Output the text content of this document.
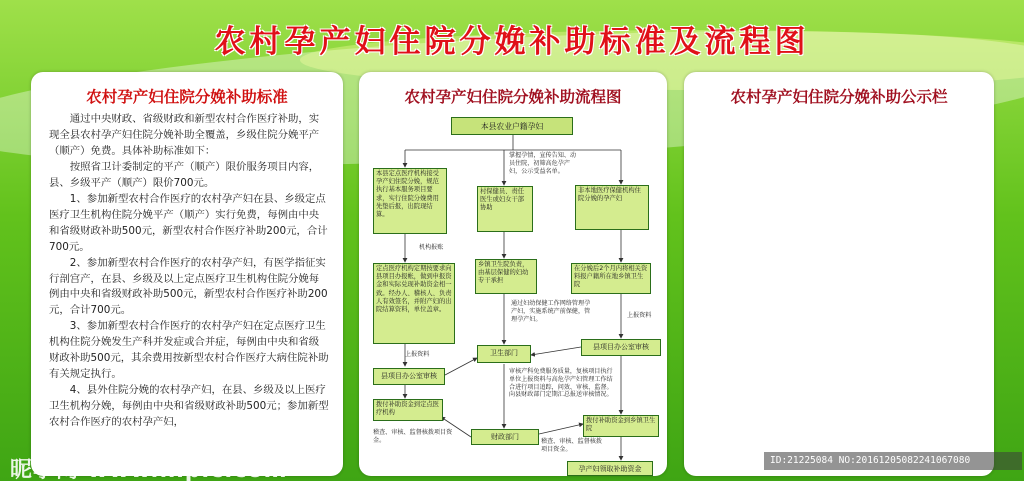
农村孕产妇住院分娩补助标准及流程图
农村孕产妇住院分娩补助标准

通过中央财政、省级财政和新型农村合作医疗补助，实现全县农村孕产妇住院分娩补助全覆盖，乡级住院分娩平产（顺产）免费。具体补助标准如下：

按照省卫计委制定的平产（顺产）限价服务项目内容，县、乡级平产（顺产）限价700元。

1、参加新型农村合作医疗的农村孕产妇在县、乡级定点医疗卫生机构住院分娩平产（顺产）实行免费，每例由中央和省级财政补助500元，新型农村合作医疗补助200元，合计700元。

2、参加新型农村合作医疗的农村孕产妇，有医学指征实行剖宫产，在县、乡级及以上定点医疗卫生机构住院分娩每例由中央和省级财政补助500元，新型农村合作医疗补助200元，合计700元。

3、参加新型农村合作医疗的农村孕产妇在定点医疗卫生机构住院分娩发生产科并发症或合并症，每例由中央和省级财政补助500元，其余费用按新型农村合作医疗大病住院补助有关规定执行。

4、县外住院分娩的农村孕产妇，在县、乡级及以上医疗卫生机构分娩，每例由中央和省级财政补助500元；参加新型农村合作医疗的农村孕产妇，

农村孕产妇住院分娩补助流程图
本县农业户籍孕妇
掌握孕情，宣传告知、动员住院，初筛高危孕产妇，公示受益名单。
本县定点医疗机构接受孕产妇住院分娩，规范执行基本服务项目要求，实行住院分娩费用先垫后报，出院现结算。
村保健员、责任医生或妇女干部协助
非本地医疗保健机构住院分娩的孕产妇
机构报账
定点医疗机构定期按要求向县项目办报帐，做到申报资金和实际兑现补助资金相一致。经办人、稽核人、负责人有效签名，并附产妇的出院结算资料，单位盖章。
乡镇卫生院负责，由基层保健的妇幼专干承担
在分娩后2个月内将相关资料报户籍所在地乡镇卫生院
通过妇幼保健工作网络管理孕产妇，实施系统产前保健，管理孕产妇。
上报资料
上报资料
卫生部门
县项目办公室审核
县项目办公室审核
审核产科免费服务质量，复核项目执行单位上报资料与高危孕产妇管理工作结合进行项目追踪，问效、审核、监督。向县财政部门定期汇总报送审核情况。
拨付补助资金到定点医疗机构
拨付补助资金到乡镇卫生院
稽查、审核、监督核拨项目资金。	财政部门
稽查、审核、监督核拨项目资金。
孕产妇领取补助资金
农村孕产妇住院分娩补助公示栏
昵享网 www.nipic.com	ID:21225084 NO:20161205082241067080
